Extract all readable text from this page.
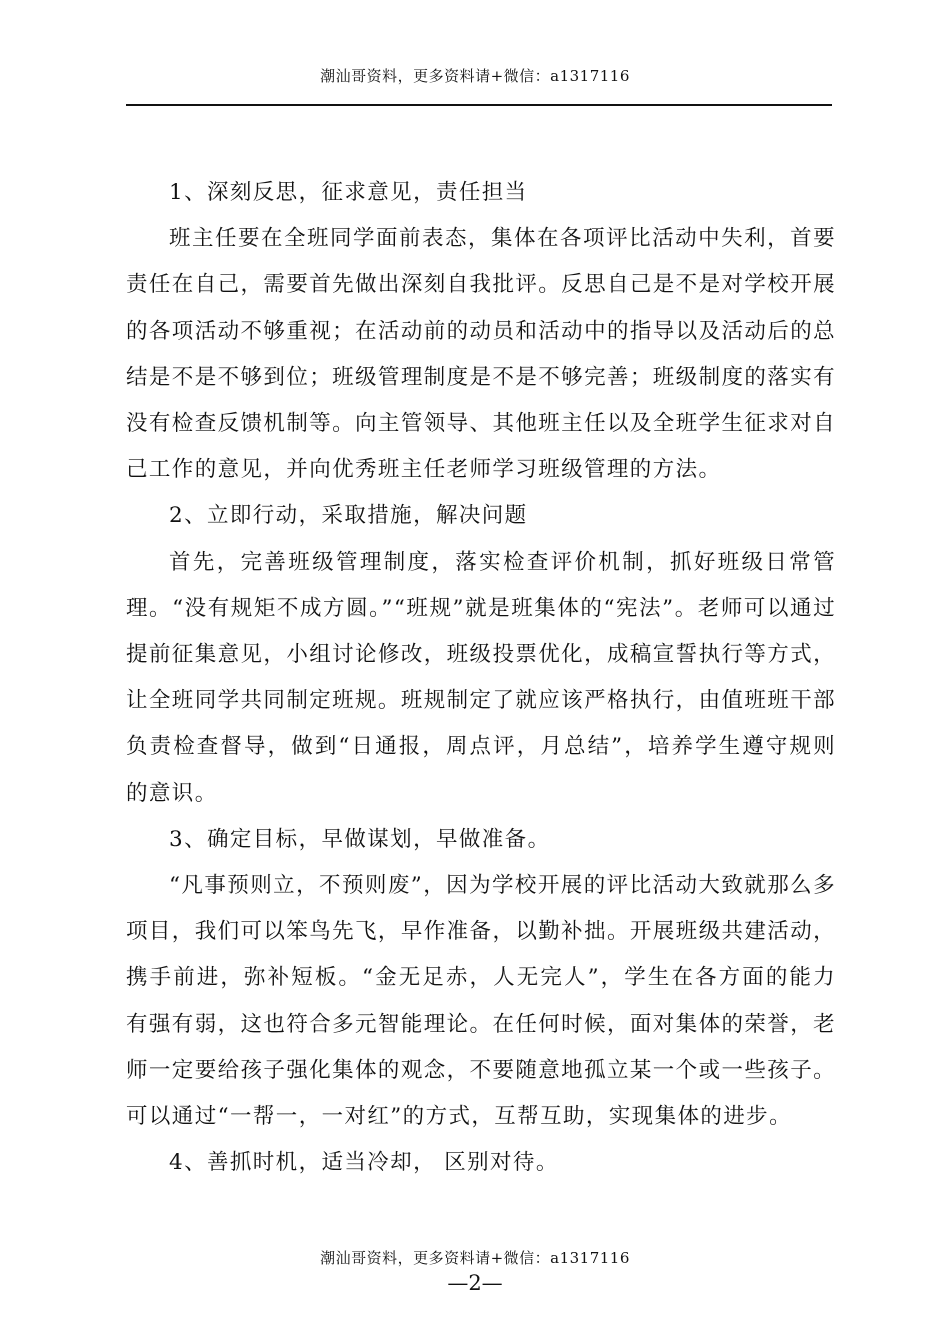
潮汕哥资料，更多资料请+微信：a1317116

1、深刻反思，征求意见，责任担当

班主任要在全班同学面前表态，集体在各项评比活动中失利，首要责任在自己，需要首先做出深刻自我批评。反思自己是不是对学校开展的各项活动不够重视；在活动前的动员和活动中的指导以及活动后的总结是不是不够到位；班级管理制度是不是不够完善；班级制度的落实有没有检查反馈机制等。向主管领导、其他班主任以及全班学生征求对自己工作的意见，并向优秀班主任老师学习班级管理的方法。

2、立即行动，采取措施，解决问题

首先，完善班级管理制度，落实检查评价机制，抓好班级日常管理。“没有规矩不成方圆。”“班规”就是班集体的“宪法”。老师可以通过提前征集意见，小组讨论修改，班级投票优化，成稿宣誓执行等方式，让全班同学共同制定班规。班规制定了就应该严格执行，由值班班干部负责检查督导，做到“日通报，周点评，月总结”，培养学生遵守规则的意识。

3、确定目标，早做谋划，早做准备。

“凡事预则立，不预则废”，因为学校开展的评比活动大致就那么多项目，我们可以笨鸟先飞，早作准备，以勤补拙。开展班级共建活动，携手前进，弥补短板。“金无足赤，人无完人”，学生在各方面的能力有强有弱，这也符合多元智能理论。在任何时候，面对集体的荣誉，老师一定要给孩子强化集体的观念，不要随意地孤立某一个或一些孩子。可以通过“一帮一，一对红”的方式，互帮互助，实现集体的进步。

4、善抓时机，适当冷却， 区别对待。

潮汕哥资料，更多资料请+微信：a1317116
—2—
